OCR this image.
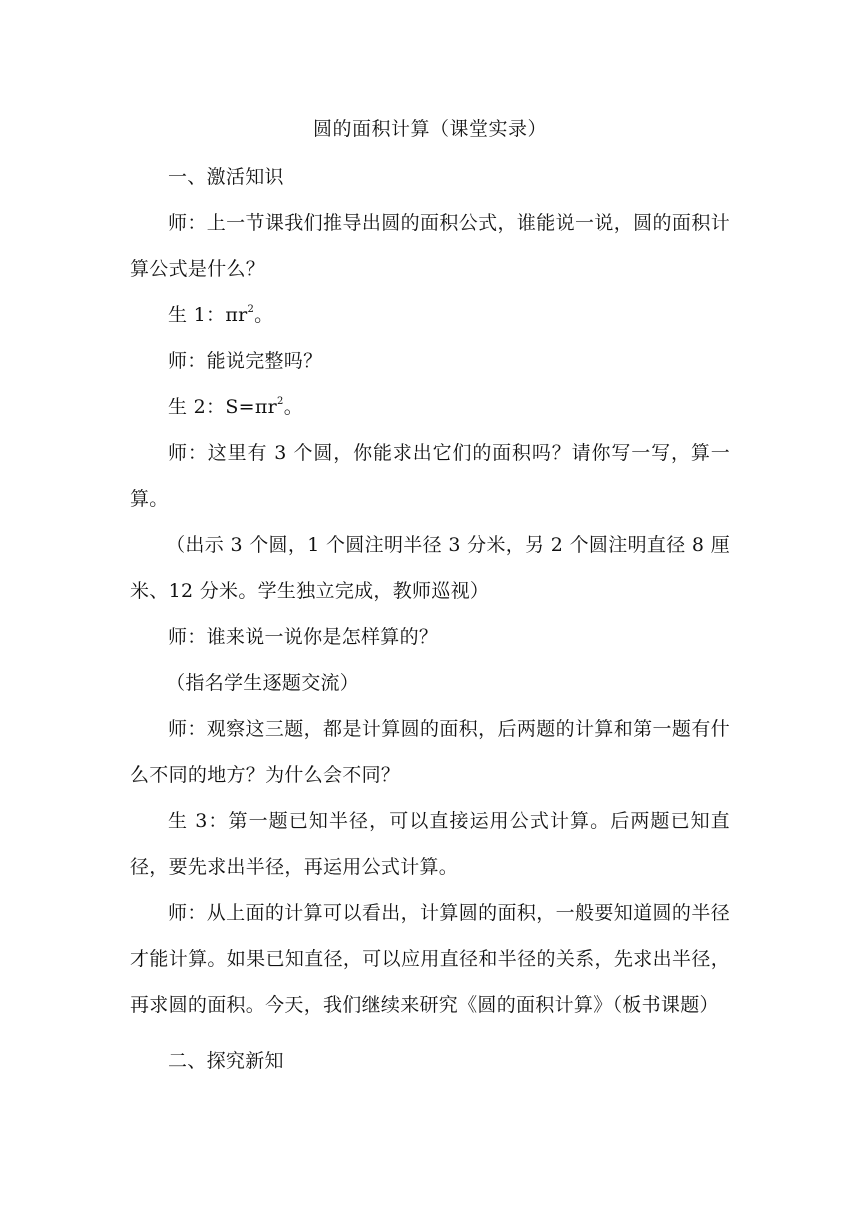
圆的面积计算（课堂实录）

一、激活知识

师：上一节课我们推导出圆的面积公式，谁能说一说，圆的面积计算公式是什么？

生 1：$\pi r^2$。

师：能说完整吗？

生 2：$S=\pi r^2$。

师：这里有 3 个圆，你能求出它们的面积吗？请你写一写，算一算。

（出示 3 个圆，1 个圆注明半径 3 分米，另 2 个圆注明直径 8 厘米、12 分米。学生独立完成，教师巡视）

师：谁来说一说你是怎样算的？

（指名学生逐题交流）

师：观察这三题，都是计算圆的面积，后两题的计算和第一题有什么不同的地方？为什么会不同？

生 3：第一题已知半径，可以直接运用公式计算。后两题已知直径，要先求出半径，再运用公式计算。

师：从上面的计算可以看出，计算圆的面积，一般要知道圆的半径才能计算。如果已知直径，可以应用直径和半径的关系，先求出半径，再求圆的面积。今天，我们继续来研究《圆的面积计算》（板书课题）

二、探究新知
